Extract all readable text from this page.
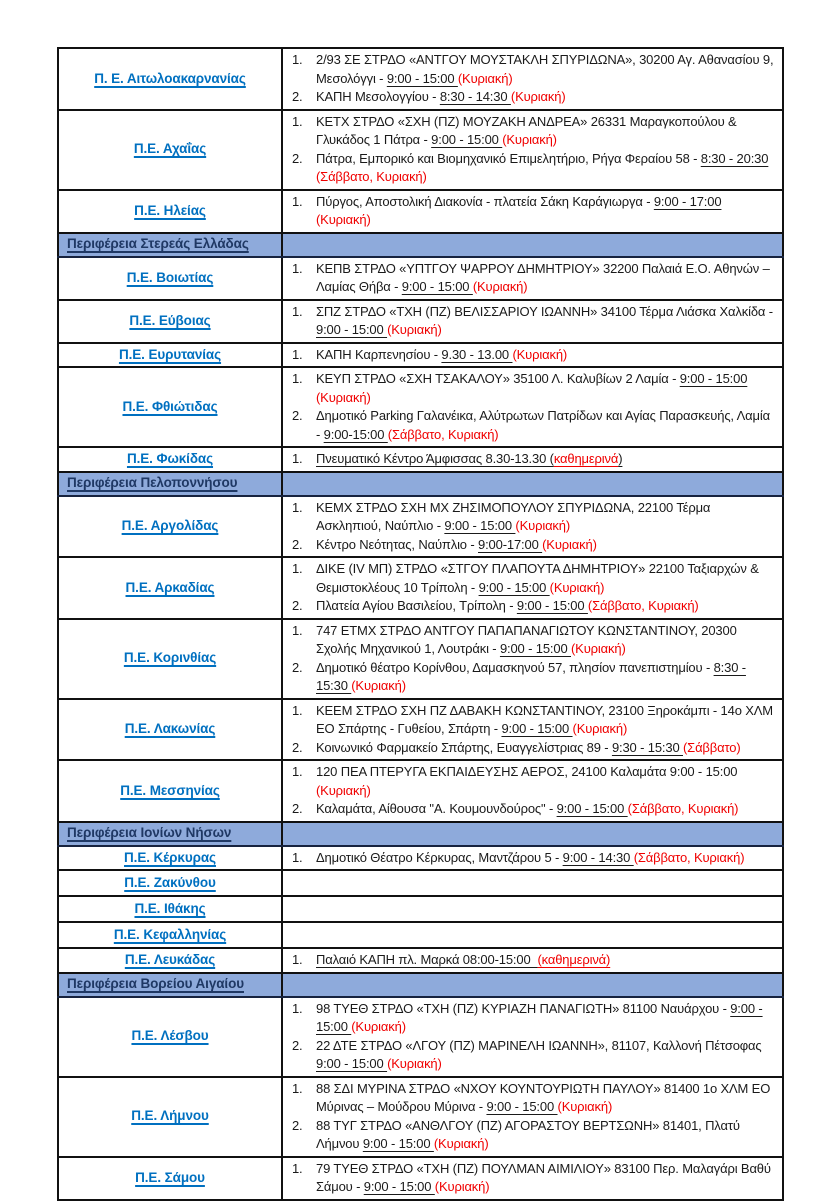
Π. Ε. Αιτωλοακαρνανίας	1. 2/93 ΣΕ ΣΤΡΔΟ «ΑΝΤΓΟΥ ΜΟΥΣΤΑΚΛΗ ΣΠΥΡΙΔΩΝΑ», 30200 Αγ. Αθανασίου 9, Μεσολόγγι - 9:00 - 15:00 (Κυριακή)
2. ΚΑΠΗ Μεσολογγίου - 8:30 - 14:30 (Κυριακή)

Π.Ε. Αχαΐας	1. ΚΕΤΧ ΣΤΡΔΟ «ΣΧΗ (ΠΖ) ΜΟΥΖΑΚΗ ΑΝΔΡΕΑ» 26331 Μαραγκοπούλου & Γλυκάδος 1 Πάτρα - 9:00 - 15:00 (Κυριακή)
2. Πάτρα, Εμπορικό και Βιομηχανικό Επιμελητήριο, Ρήγα Φεραίου 58 - 8:30 - 20:30 (Σάββατο, Κυριακή)

Π.Ε. Ηλείας	1. Πύργος, Αποστολική Διακονία - πλατεία Σάκη Καράγιωργα - 9:00 - 17:00 (Κυριακή)

Περιφέρεια Στερεάς Ελλάδας	
Π.Ε. Βοιωτίας	1. ΚΕΠΒ ΣΤΡΔΟ «ΥΠΤΓΟΥ ΨΑΡΡΟΥ ΔΗΜΗΤΡΙΟΥ» 32200 Παλαιά Ε.Ο. Αθηνών – Λαμίας Θήβα - 9:00 - 15:00 (Κυριακή)

Π.Ε. Εύβοιας	1. ΣΠΖ ΣΤΡΔΟ «ΤΧΗ (ΠΖ) ΒΕΛΙΣΣΑΡΙΟΥ ΙΩΑΝΝΗ» 34100 Τέρμα Λιάσκα Χαλκίδα - 9:00 - 15:00 (Κυριακή)

Π.Ε. Ευρυτανίας	1. ΚΑΠΗ Καρπενησίου - 9.30 - 13.00 (Κυριακή)

Π.Ε. Φθιώτιδας	1. ΚΕΥΠ ΣΤΡΔΟ «ΣΧΗ ΤΣΑΚΑΛΟΥ» 35100 Λ. Καλυβίων 2 Λαμία - 9:00 - 15:00 (Κυριακή)
2. Δημοτικό Parking Γαλανέικα, Αλύτρωτων Πατρίδων και Αγίας Παρασκευής, Λαμία - 9:00-15:00 (Σάββατο, Κυριακή)

Π.Ε. Φωκίδας	1. Πνευματικό Κέντρο Άμφισσας 8.30-13.30 (καθημερινά)

Περιφέρεια Πελοποννήσου	
Π.Ε. Αργολίδας	1. ΚΕΜΧ ΣΤΡΔΟ ΣΧΗ ΜΧ ΖΗΣΙΜΟΠΟΥΛΟΥ ΣΠΥΡΙΔΩΝΑ, 22100 Τέρμα Ασκληπιού, Ναύπλιο - 9:00 - 15:00 (Κυριακή)
2. Κέντρο Νεότητας, Ναύπλιο - 9:00-17:00 (Κυριακή)

Π.Ε. Αρκαδίας	1. ΔΙΚΕ (ΙV ΜΠ) ΣΤΡΔΟ «ΣΤΓΟΥ ΠΛΑΠΟΥΤΑ ΔΗΜΗΤΡΙΟΥ» 22100 Ταξιαρχών & Θεμιστοκλέους 10 Τρίπολη - 9:00 - 15:00 (Κυριακή)
2. Πλατεία Αγίου Βασιλείου, Τρίπολη - 9:00 - 15:00 (Σάββατο, Κυριακή)

Π.Ε. Κορινθίας	1. 747 ΕΤΜΧ ΣΤΡΔΟ ΑΝΤΓΟΥ ΠΑΠΑΠΑΝΑΓΙΩΤΟΥ ΚΩΝΣΤΑΝΤΙΝΟΥ, 20300 Σχολής Μηχανικού 1, Λουτράκι - 9:00 - 15:00 (Κυριακή)
2. Δημοτικό θέατρο Κορίνθου, Δαμασκηνού 57, πλησίον πανεπιστημίου - 8:30 - 15:30 (Κυριακή)

Π.Ε. Λακωνίας	1. ΚΕΕΜ ΣΤΡΔΟ ΣΧΗ ΠΖ ΔΑΒΑΚΗ ΚΩΝΣΤΑΝΤΙΝΟΥ, 23100 Ξηροκάμπι - 14ο ΧΛΜ ΕΟ Σπάρτης - Γυθείου, Σπάρτη - 9:00 - 15:00 (Κυριακή)
2. Κοινωνικό Φαρμακείο Σπάρτης, Ευαγγελίστριας 89 - 9:30 - 15:30 (Σάββατο)

Π.Ε. Μεσσηνίας	1. 120 ΠΕΑ ΠΤΕΡΥΓΑ ΕΚΠΑΙΔΕΥΣΗΣ ΑΕΡΟΣ, 24100 Καλαμάτα 9:00 - 15:00 (Κυριακή)
2. Καλαμάτα, Αίθουσα "Α. Κουμουνδούρος" - 9:00 - 15:00 (Σάββατο, Κυριακή)

Περιφέρεια Ιονίων Νήσων	
Π.Ε. Κέρκυρας	1. Δημοτικό Θέατρο Κέρκυρας, Μαντζάρου 5 - 9:00 - 14:30 (Σάββατο, Κυριακή)

Π.Ε. Ζακύνθου	
Π.Ε. Ιθάκης	
Π.Ε. Κεφαλληνίας	
Π.Ε. Λευκάδας	1. Παλαιό ΚΑΠΗ πλ. Μαρκά 08:00-15:00  (καθημερινά)

Περιφέρεια Βορείου Αιγαίου	
Π.Ε. Λέσβου	1. 98 ΤΥΕΘ ΣΤΡΔΟ «ΤΧΗ (ΠΖ) ΚΥΡΙΑΖΗ ΠΑΝΑΓΙΩΤΗ» 81100 Ναυάρχου - 9:00 - 15:00 (Κυριακή)
2. 22 ΔΤΕ ΣΤΡΔΟ «ΛΓΟΥ (ΠΖ) ΜΑΡΙΝΕΛΗ ΙΩΑΝΝΗ», 81107, Καλλονή Πέτσοφας 9:00 - 15:00 (Κυριακή)

Π.Ε. Λήμνου	1. 88 ΣΔΙ ΜΥΡΙΝΑ ΣΤΡΔΟ «ΝΧΟΥ ΚΟΥΝΤΟΥΡΙΩΤΗ ΠΑΥΛΟΥ» 81400 1ο ΧΛΜ ΕΟ Μύρινας – Μούδρου Μύρινα - 9:00 - 15:00 (Κυριακή)
2. 88 ΤΥΓ ΣΤΡΔΟ «ΑΝΘΛΓΟΥ (ΠΖ) ΑΓΟΡΑΣΤΟΥ ΒΕΡΤΣΩΝΗ» 81401, Πλατύ Λήμνου 9:00 - 15:00 (Κυριακή)

Π.Ε. Σάμου	1. 79 ΤΥΕΘ ΣΤΡΔΟ «ΤΧΗ (ΠΖ) ΠΟΥΛΜΑΝ ΑΙΜΙΛΙΟΥ» 83100 Περ. Μαλαγάρι Βαθύ Σάμου - 9:00 - 15:00 (Κυριακή)
